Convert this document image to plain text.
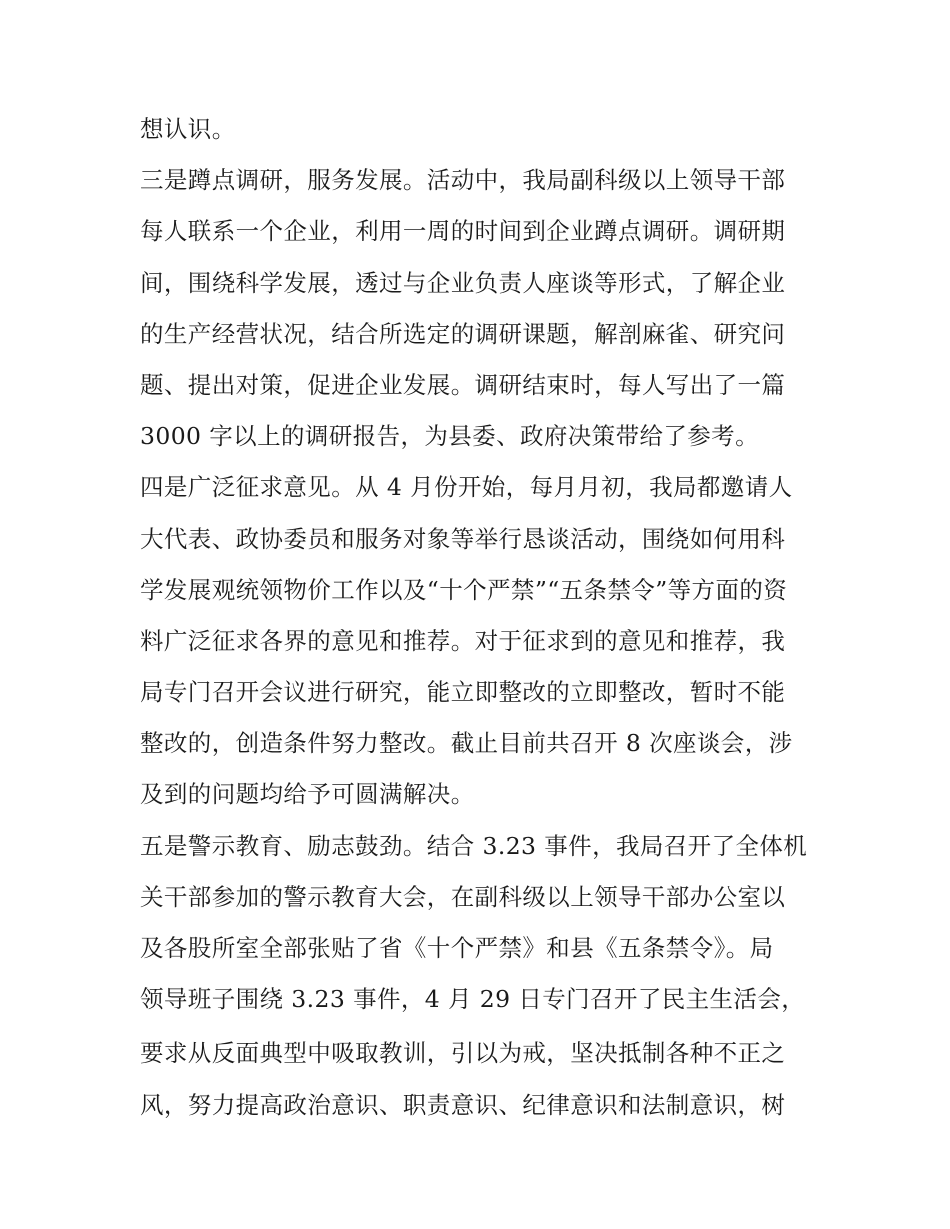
想认识。
三是蹲点调研，服务发展。活动中，我局副科级以上领导干部
每人联系一个企业，利用一周的时间到企业蹲点调研。调研期
间，围绕科学发展，透过与企业负责人座谈等形式，了解企业
的生产经营状况，结合所选定的调研课题，解剖麻雀、研究问
题、提出对策，促进企业发展。调研结束时，每人写出了一篇
3000 字以上的调研报告，为县委、政府决策带给了参考。
四是广泛征求意见。从 4 月份开始，每月月初，我局都邀请人
大代表、政协委员和服务对象等举行恳谈活动，围绕如何用科
学发展观统领物价工作以及“十个严禁”“五条禁令”等方面的资
料广泛征求各界的意见和推荐。对于征求到的意见和推荐，我
局专门召开会议进行研究，能立即整改的立即整改，暂时不能
整改的，创造条件努力整改。截止目前共召开 8 次座谈会，涉
及到的问题均给予可圆满解决。
五是警示教育、励志鼓劲。结合 3.23 事件，我局召开了全体机
关干部参加的警示教育大会，在副科级以上领导干部办公室以
及各股所室全部张贴了省《十个严禁》和县《五条禁令》。局
领导班子围绕 3.23 事件，4 月 29 日专门召开了民主生活会，
要求从反面典型中吸取教训，引以为戒，坚决抵制各种不正之
风，努力提高政治意识、职责意识、纪律意识和法制意识，树
